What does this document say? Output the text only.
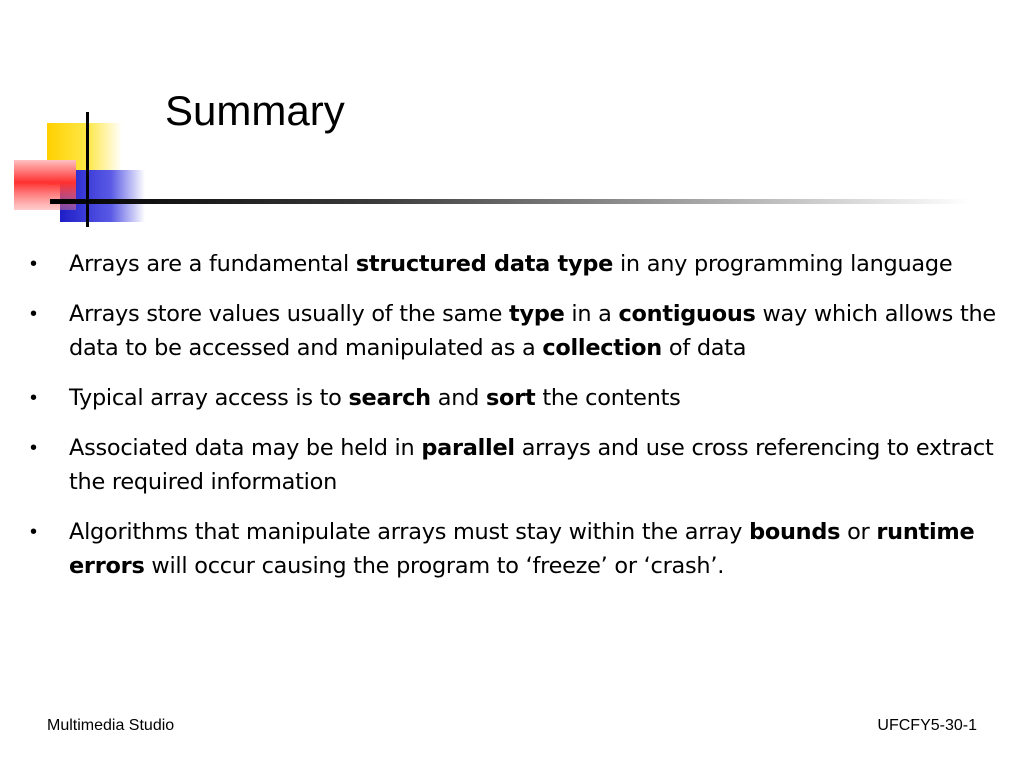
Summary
• Arrays are a fundamental structured data type in any programming language
• Arrays store values usually of the same type in a contiguous way which allows the data to be accessed and manipulated as a collection of data
• Typical array access is to search and sort the contents
• Associated data may be held in parallel arrays and use cross referencing to extract the required information
• Algorithms that manipulate arrays must stay within the array bounds or runtime errors will occur causing the program to ‘freeze’ or ‘crash’.
Multimedia Studio	UFCFY5-30-1
